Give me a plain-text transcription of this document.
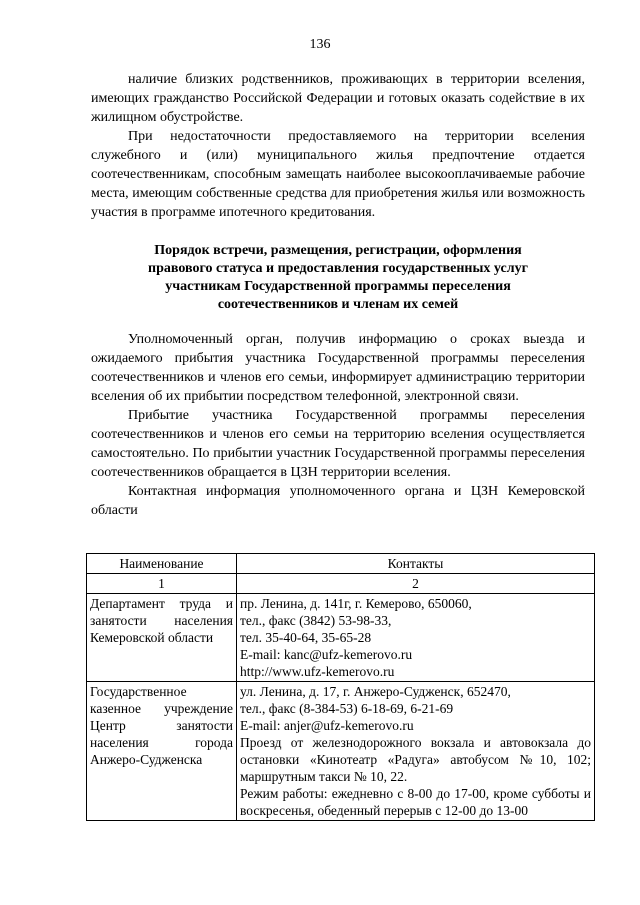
136

наличие близких родственников, проживающих в территории вселения, имеющих гражданство Российской Федерации и готовых оказать содействие в их жилищном обустройстве.

При недостаточности предоставляемого на территории вселения служебного и (или) муниципального жилья предпочтение отдается соотечественникам, способным замещать наиболее высокооплачиваемые рабочие места, имеющим собственные средства для приобретения жилья или возможность участия в программе ипотечного кредитования.

Порядок встречи, размещения, регистрации, оформления
правового статуса и предоставления государственных услуг
участникам Государственной программы переселения
соотечественников и членам их семей

Уполномоченный орган, получив информацию о сроках выезда и ожидаемого прибытия участника Государственной программы переселения соотечественников и членов его семьи, информирует администрацию территории вселения об их прибытии посредством телефонной, электронной связи.

Прибытие участника Государственной программы переселения соотечественников и членов его семьи на территорию вселения осуществляется самостоятельно. По прибытии участник Государственной программы переселения соотечественников обращается в ЦЗН территории вселения.

Контактная информация уполномоченного органа и ЦЗН Кемеровской области

Наименование	Контакты
1	2
Департамент труда и занятости населения Кемеровской области	пр. Ленина, д. 141г, г. Кемерово, 650060,
тел., факс (3842) 53-98-33,
тел. 35-40-64, 35-65-28
E-mail: kanc@ufz-kemerovo.ru
http://www.ufz-kemerovo.ru

Государственное казенное учреждение Центр занятости населения города Анжеро-Судженска	ул. Ленина, д. 17, г. Анжеро-Судженск, 652470,
тел., факс (8-384-53) 6-18-69, 6-21-69
E-mail: anjer@ufz-kemerovo.ru
Проезд от железнодорожного вокзала и автовокзала до остановки «Кинотеатр «Радуга» автобусом №10, 102; маршрутным такси № 10, 22.
Режим работы: ежедневно с 8-00 до 17-00, кроме субботы и воскресенья, обеденный перерыв с 12-00 до 13-00
